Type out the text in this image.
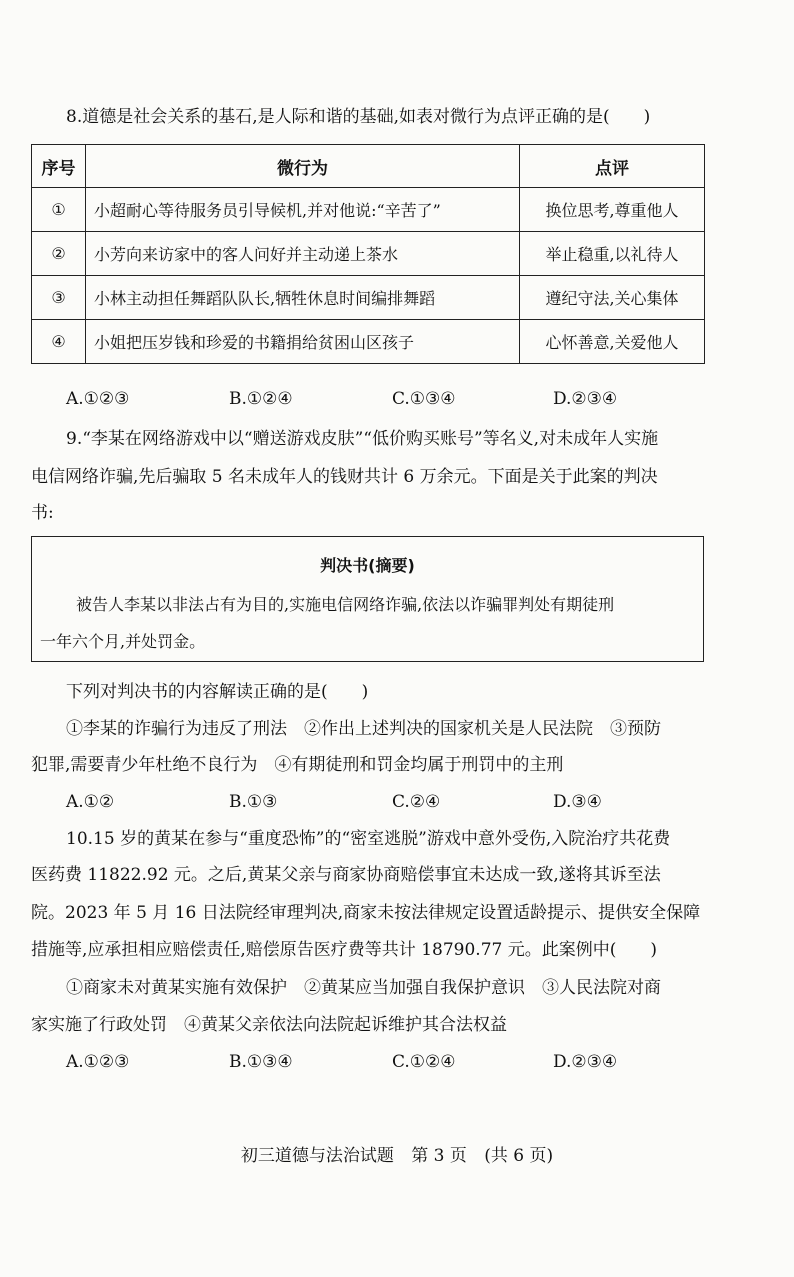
8.道德是社会关系的基石,是人际和谐的基础,如表对微行为点评正确的是(　　)
序号	微行为	点评
①	小超耐心等待服务员引导候机,并对他说:“辛苦了”	换位思考,尊重他人
②	小芳向来访家中的客人问好并主动递上茶水	举止稳重,以礼待人
③	小林主动担任舞蹈队队长,牺牲休息时间编排舞蹈	遵纪守法,关心集体
④	小姐把压岁钱和珍爱的书籍捐给贫困山区孩子	心怀善意,关爱他人
A.①②③	B.①②④	C.①③④	D.②③④
9.“李某在网络游戏中以“赠送游戏皮肤”“低价购买账号”等名义,对未成年人实施
电信网络诈骗,先后骗取 5 名未成年人的钱财共计 6 万余元。下面是关于此案的判决
书:
判决书(摘要)
被告人李某以非法占有为目的,实施电信网络诈骗,依法以诈骗罪判处有期徒刑
一年六个月,并处罚金。
下列对判决书的内容解读正确的是(　　)
①李某的诈骗行为违反了刑法　②作出上述判决的国家机关是人民法院　③预防
犯罪,需要青少年杜绝不良行为　④有期徒刑和罚金均属于刑罚中的主刑
A.①②	B.①③	C.②④	D.③④
10.15 岁的黄某在参与“重度恐怖”的“密室逃脱”游戏中意外受伤,入院治疗共花费
医药费 11822.92 元。之后,黄某父亲与商家协商赔偿事宜未达成一致,遂将其诉至法
院。2023 年 5 月 16 日法院经审理判决,商家未按法律规定设置适龄提示、提供安全保障
措施等,应承担相应赔偿责任,赔偿原告医疗费等共计 18790.77 元。此案例中(　　)
①商家未对黄某实施有效保护　②黄某应当加强自我保护意识　③人民法院对商
家实施了行政处罚　④黄某父亲依法向法院起诉维护其合法权益
A.①②③	B.①③④	C.①②④	D.②③④
初三道德与法治试题 第 3 页 (共 6 页)
